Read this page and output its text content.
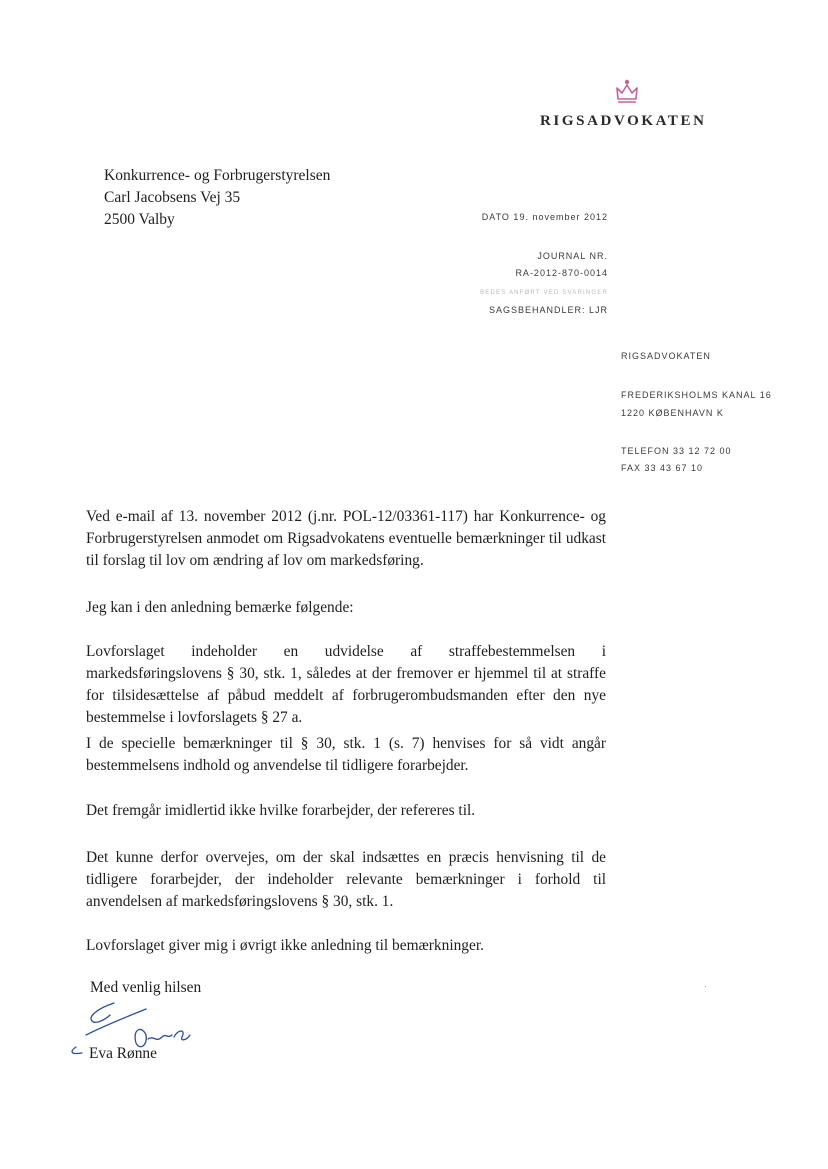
RIGSADVOKATEN
Konkurrence- og Forbrugerstyrelsen
Carl Jacobsens Vej 35
2500 Valby	DATO 19. november 2012
JOURNAL NR.
RA-2012-870-0014
BEDES ANFØRT VED SVARINGER
SAGSBEHANDLER: LJR
RIGSADVOKATEN
FREDERIKSHOLMS KANAL 16
1220 KØBENHAVN K
TELEFON 33 12 72 00
FAX 33 43 67 10
Ved e-mail af 13. november 2012 (j.nr. POL-12/03361-117) har Konkurrence- og Forbrugerstyrelsen anmodet om Rigsadvokatens eventuelle bemærkninger til udkast til forslag til lov om ændring af lov om markedsføring.
Jeg kan i den anledning bemærke følgende:
Lovforslaget indeholder en udvidelse af straffebestemmelsen i markedsføringslovens § 30, stk. 1, således at der fremover er hjemmel til at straffe for tilsidesættelse af påbud meddelt af forbrugerombudsmanden efter den nye bestemmelse i lovforslagets § 27 a.
I de specielle bemærkninger til § 30, stk. 1 (s. 7) henvises for så vidt angår bestemmelsens indhold og anvendelse til tidligere forarbejder.
Det fremgår imidlertid ikke hvilke forarbejder, der refereres til.
Det kunne derfor overvejes, om der skal indsættes en præcis henvisning til de tidligere forarbejder, der indeholder relevante bemærkninger i forhold til anvendelsen af markedsføringslovens § 30, stk. 1.
Lovforslaget giver mig i øvrigt ikke anledning til bemærkninger.
Med venlig hilsen
Eva Rønne
